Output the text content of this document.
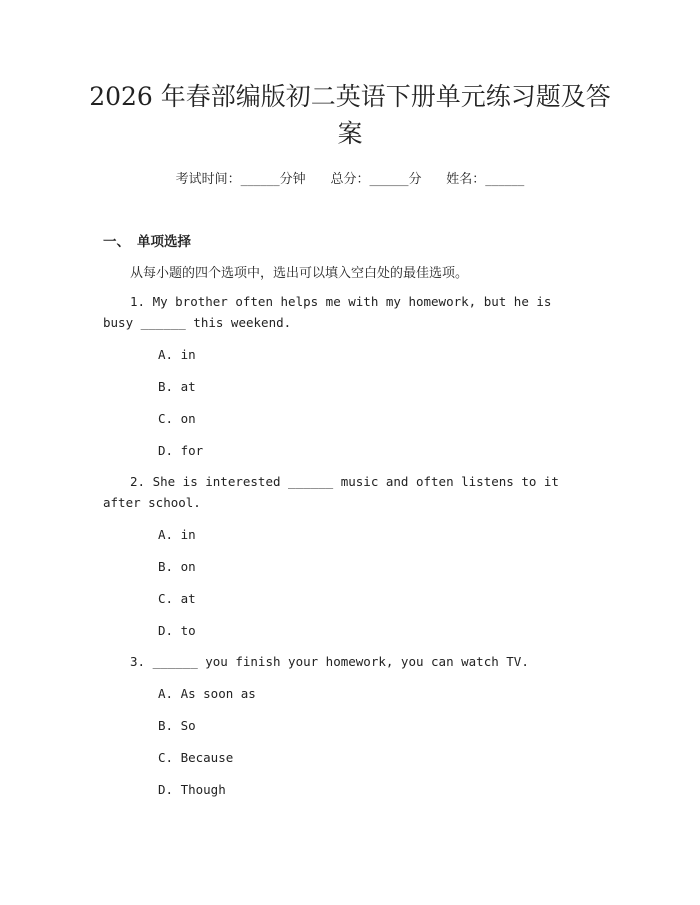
2026 年春部编版初二英语下册单元练习题及答案
考试时间：______分钟 总分：______分 姓名：______
一、 单项选择
从每小题的四个选项中，选出可以填入空白处的最佳选项。
1. My brother often helps me with my homework, but he is busy ______ this weekend.
A. in
B. at
C. on
D. for
2. She is interested ______ music and often listens to it after school.
A. in
B. on
C. at
D. to
3. ______ you finish your homework, you can watch TV.
A. As soon as
B. So
C. Because
D. Though
